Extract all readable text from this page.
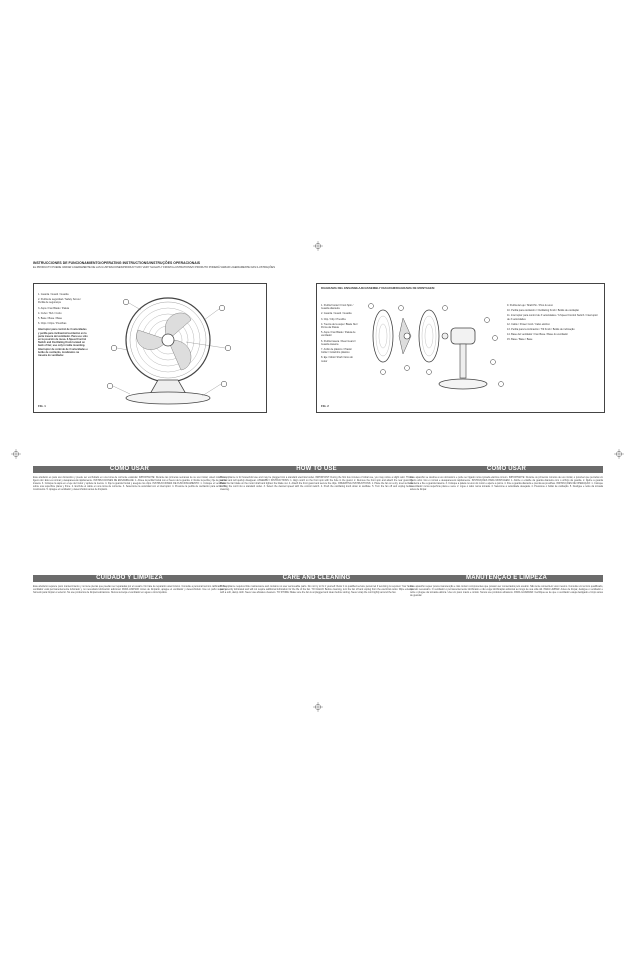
INSTRUCCIONES DE FUNCIONAMIENTO/OPERATING INSTRUCTIONS/INSTRUÇÕES OPERACIONAIS
EL PRODUCTO PUEDE VARIAR LIGERAMENTE DE LAS ILUSTRACIONES/PRODUCT MAY VARY SLIGHTLY FROM ILLUSTRATIONS/O PRODUTO PODERÁ VARIAR LIGEIRAMENTE DAS ILUSTRAÇÕES
1. Guarda / Guard / Guarda
2. Perilla de seguridad / Safety Screw / Perilla de segurança
3. Aspa / Fan Blade / Paleta
4. Cubo / Hub / Cubo
5. Base / Base / Base
6. Clips / Clips / Presilhas
Interruptor para control de 3 velocidades y perilla para inclinación/oscilación en la parte trasera del ventilador. Para uso sólo en la posición de mesa. 3-Speed Control Switch and Oscillating Knob located on back of fan; use only in table mounting. Interruptor de controle de 3 velocidades e botão de oscilação, localizados na traseira do ventilador.
FIG. 1
DIAGRAMA DEL ENSAMBLAJE/ASSEMBLY DIAGRAM/DIAGRAMA DE MONTAGEM
1. Perilla frontal / Front Spin / Guarda dianteira
2. Guarda / Guard / Guarda
3. Clip / Clip / Presilha
4. Tuerca de la aspa / Blade Nut / Porca da Paleta
5. Aspa / Fan Blade / Paleta de ventilador
6. Perilla trasera / Rear Guard / Guarda traseira
7. Anillo de plástico / Plastic Collar / Colarinho plástico
8. Eje / Motor Shaft / Eixo do motor
9. Perilla del eje / Shaft Pin / Pino do eixo
10. Perilla para oscilación / Oscillating Knob / Botão de oscilação
11. Interruptor para control de 3 velocidades / 3-Speed Control Switch / Interruptor de 3 velocidades
12. Cable / Power Cord / Cabo elétrico
13. Perilla para la inclinación / Tilt Knob / Botão de inclinação
14. Base del ventilador / Fan Base / Base do ventilador
15. Base / Base / Base
FIG. 2
COMO USAR
Este artefacto es para uso doméstico y puede ser enchufado en una toma de corriente estándar. IMPORTANTE: Durante las primeras semanas de su uso inicial, usted notará un ligero olor. Esto es normal y desaparecerá rápidamente. INSTRUCCIONES DE ENSAMBLAJE: 1. Alinee la perilla frontal con el hueco de la guarda. 2. Retire la perilla y fije la guarda trasera. 3. Coloque la aspa en el eje del motor y apriete la tuerca. 4. Fije la guarda frontal y asegure los clips. INSTRUCCIONES DE FUNCIONAMIENTO: 1. Coloque el ventilador sobre una superficie plana y firme. 2. Enchufe el cable en una toma de corriente. 3. Seleccione la velocidad con el interruptor. 4. Presione la perilla de oscilación para activar el movimiento. 5. Apague el ventilador y desenchúfelo antes de limpiarlo.
CUIDADO Y LIMPIEZA
Este artefacto requiere poco mantenimiento y no tiene piezas que puedan ser reparadas por el usuario. No trate de repararlo usted mismo. Consulte a personal técnico calificado. Su ventilador está permanentemente lubricado y no necesitará lubricación adicional. PARA LIMPIAR: Antes de limpiarlo, apague el ventilador y desenchúfelo. Use un paño suave y húmedo para limpiar el exterior. No use productos de limpieza abrasivos. Nunca sumerja el ventilador en agua u otros líquidos.
HOW TO USE
This appliance is for household use and may be plugged into a standard electrical outlet. IMPORTANT: During the first few minutes of initial use, you may notice a slight odor. This is normal and will quickly disappear. ASSEMBLY INSTRUCTIONS: 1. Align notch on the front spin with the hole in the guard. 2. Remove the front spin and attach the rear guard. 3. Place the fan blade on the motor shaft and tighten the blade nut. 4. Attach the front guard and secure the clips. OPERATING INSTRUCTIONS: 1. Place the fan on a dry, level surface. 2. Plug the cord into a standard outlet. 3. Select the desired speed with the control switch. 4. Push the oscillating knob down to oscillate. 5. Turn the fan off and unplug before cleaning.
CARE AND CLEANING
This appliance requires little maintenance and contains no user serviceable parts. Do not try to fix it yourself. Refer it to qualified service personnel if servicing is required. Your fan is permanently lubricated and will not require additional lubrication for the life of the fan. TO CLEAN: Before cleaning, turn the fan off and unplug from the electrical outlet. Wipe exterior with a soft, damp cloth. Never use abrasive cleaners. TO STORE: Make sure the fan is unplugged and clean before storing. Never wrap the cord tightly around the fan.
COMO USAR
Este aparelho se destina a uso doméstico e pode ser ligado numa tomada elétrica comum. IMPORTANTE: Durante os primeiros minutos de uso inicial, é possível que perceba um ligeiro odor. Isto é normal e desaparecerá rapidamente. INSTRUÇÕES PARA MONTAGEM: 1. Alinhe o entalhe da guarda dianteira com o orifício da guarda. 2. Retire a guarda dianteira e fixe a guarda traseira. 3. Coloque a paleta no eixo do motor e aperte a porca. 4. Fixe a guarda dianteira e prenda as presilhas. INSTRUÇÕES DE OPERAÇÃO: 1. Coloque o ventilador numa superfície plana e seca. 2. Ligue o cabo numa tomada. 3. Selecione a velocidade desejada. 4. Pressione o botão de oscilação. 5. Desligue e retire da tomada antes de limpar.
MANUTENÇÃO E LIMPEZA
Este aparelho requer pouca manutenção e não contém componentes que possam ser consertados pelo usuário. Não tente consertá-lo você mesmo. Consulte um técnico qualificado, quando necessário. O ventilador é permanentemente lubrificado e não exige lubrificação adicional ao longo de sua vida útil. PARA LIMPAR: Antes de limpar, desligue o ventilador e retire o plugue da tomada elétrica. Use um pano macio e úmido. Nunca use produtos abrasivos. PARA GUARDAR: Certifique-se de que o ventilador esteja desligado e limpo antes de guardar.
